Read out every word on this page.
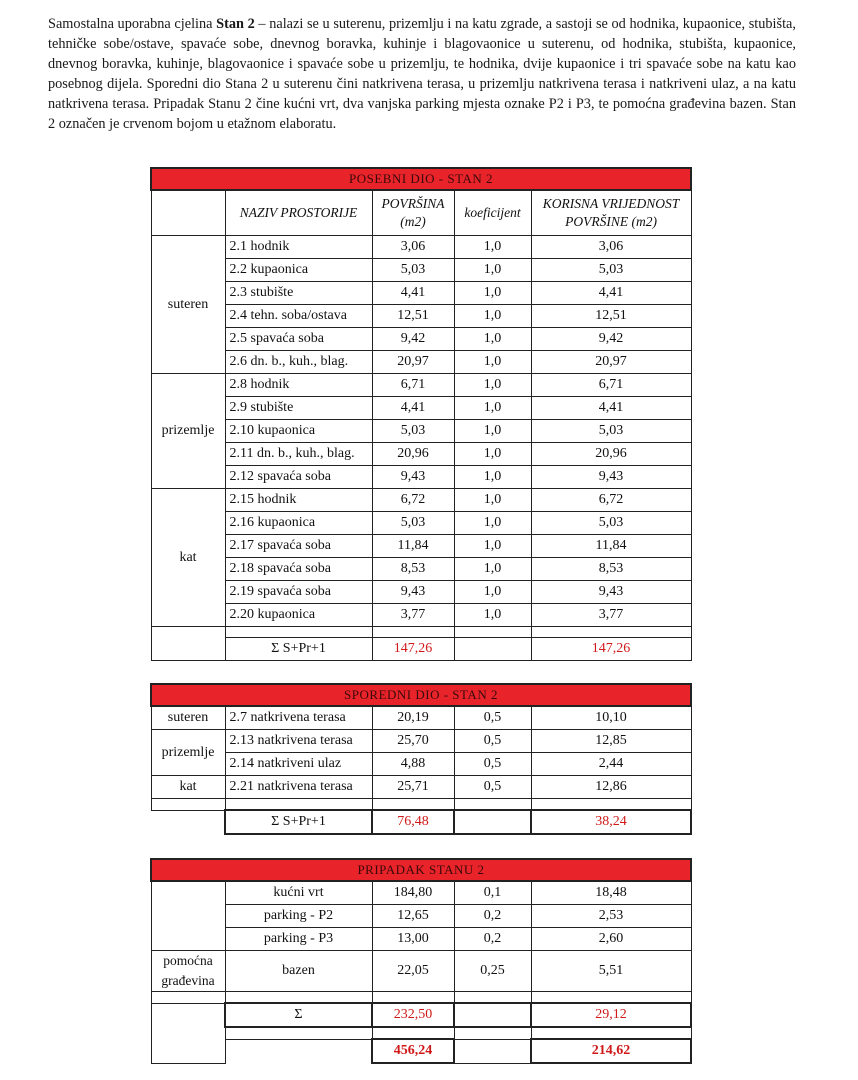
Samostalna uporabna cjelina Stan 2 – nalazi se u suterenu, prizemlju i na katu zgrade, a sastoji se od hodnika, kupaonice, stubišta, tehničke sobe/ostave, spavaće sobe, dnevnog boravka, kuhinje i blagovaonice u suterenu, od hodnika, stubišta, kupaonice, dnevnog boravka, kuhinje, blagovaonice i spavaće sobe u prizemlju, te hodnika, dvije kupaonice i tri spavaće sobe na katu kao posebnog dijela. Sporedni dio Stana 2 u suterenu čini natkrivena terasa, u prizemlju natkrivena terasa i natkriveni ulaz, a na katu natkrivena terasa. Pripadak Stanu 2 čine kućni vrt, dva vanjska parking mjesta oznake P2 i P3, te pomoćna građevina bazen. Stan 2 označen je crvenom bojom u etažnom elaboratu.
POSEBNI DIO - STAN 2				
	NAZIV PROSTORIJE	POVRŠINA (m2)	koeficijent	KORISNA VRIJEDNOST POVRŠINE (m2)
suteren	2.1 hodnik	3,06	1,0	3,06
	2.2 kupaonica	5,03	1,0	5,03
	2.3 stubište	4,41	1,0	4,41
	2.4 tehn. soba/ostava	12,51	1,0	12,51
	2.5 spavaća soba	9,42	1,0	9,42
	2.6 dn. b., kuh., blag.	20,97	1,0	20,97
prizemlje	2.8 hodnik	6,71	1,0	6,71
	2.9 stubište	4,41	1,0	4,41
	2.10 kupaonica	5,03	1,0	5,03
	2.11 dn. b., kuh., blag.	20,96	1,0	20,96
	2.12 spavaća soba	9,43	1,0	9,43
kat	2.15 hodnik	6,72	1,0	6,72
	2.16 kupaonica	5,03	1,0	5,03
	2.17 spavaća soba	11,84	1,0	11,84
	2.18 spavaća soba	8,53	1,0	8,53
	2.19 spavaća soba	9,43	1,0	9,43
	2.20 kupaonica	3,77	1,0	3,77

	Σ S+Pr+1	147,26		147,26
SPOREDNI DIO - STAN 2				
suteren	2.7 natkrivena terasa	20,19	0,5	10,10
prizemlje	2.13 natkrivena terasa	25,70	0,5	12,85
	2.14 natkriveni ulaz	4,88	0,5	2,44
kat	2.21 natkrivena terasa	25,71	0,5	12,86

	Σ S+Pr+1	76,48		38,24
PRIPADAK STANU 2				
	kućni vrt	184,80	0,1	18,48
	parking - P2	12,65	0,2	2,53
	parking - P3	13,00	0,2	2,60
pomoćna
građevina	bazen	22,05	0,25	5,51

	Σ	232,50		29,12

		456,24		214,62
